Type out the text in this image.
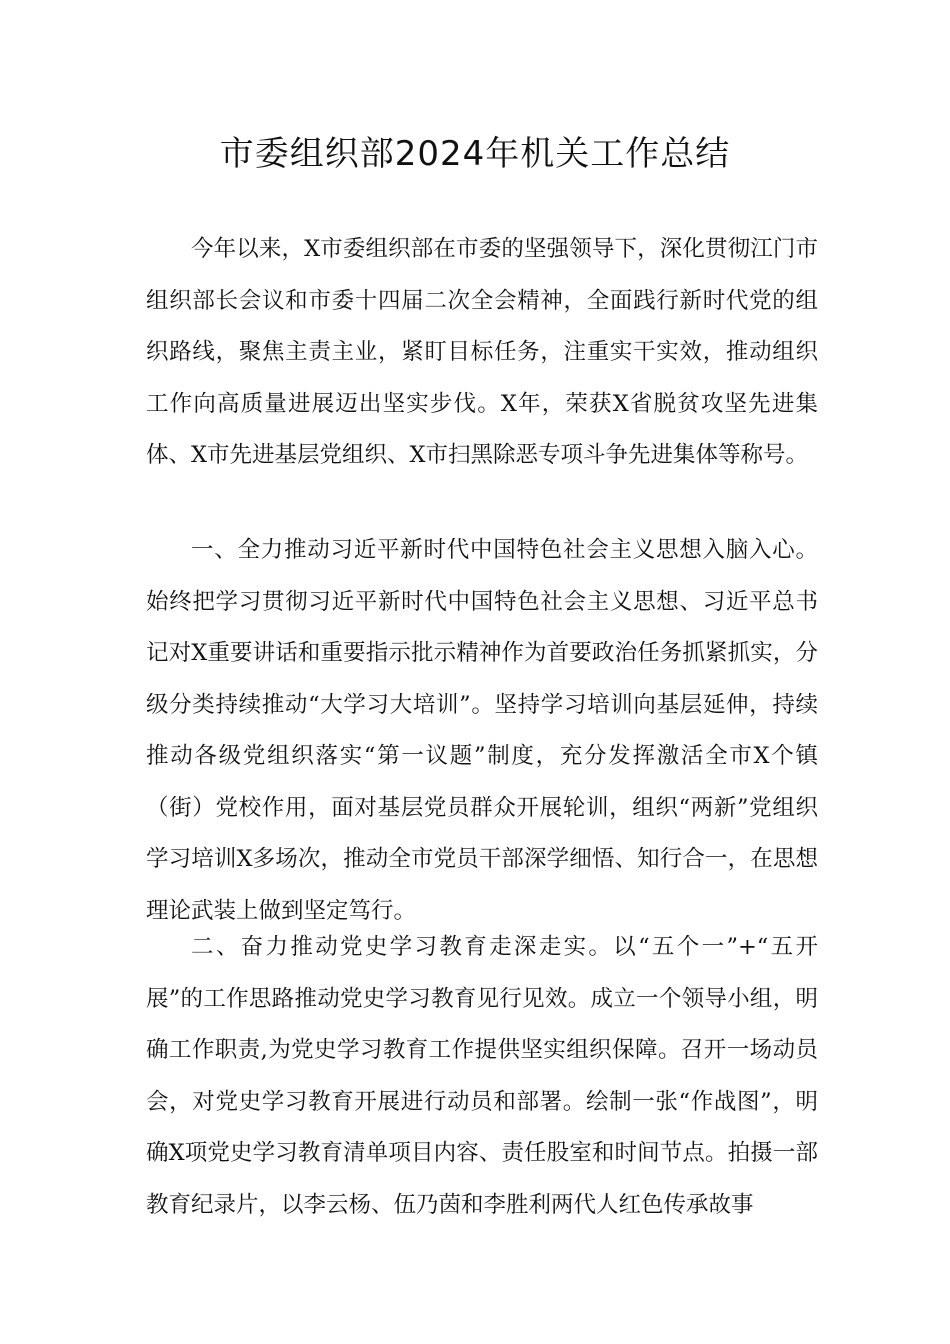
市委组织部2024年机关工作总结

今年以来，X市委组织部在市委的坚强领导下，深化贯彻江门市组织部长会议和市委十四届二次全会精神，全面践行新时代党的组织路线，聚焦主责主业，紧盯目标任务，注重实干实效，推动组织工作向高质量进展迈出坚实步伐。X年，荣获X省脱贫攻坚先进集体、X市先进基层党组织、X市扫黑除恶专项斗争先进集体等称号。

一、全力推动习近平新时代中国特色社会主义思想入脑入心。始终把学习贯彻习近平新时代中国特色社会主义思想、习近平总书记对X重要讲话和重要指示批示精神作为首要政治任务抓紧抓实，分级分类持续推动“大学习大培训”。坚持学习培训向基层延伸，持续推动各级党组织落实“第一议题”制度，充分发挥激活全市X个镇（街）党校作用，面对基层党员群众开展轮训，组织“两新”党组织学习培训X多场次，推动全市党员干部深学细悟、知行合一，在思想理论武装上做到坚定笃行。

二、奋力推动党史学习教育走深走实。以“五个一”+“五开展”的工作思路推动党史学习教育见行见效。成立一个领导小组，明确工作职责,为党史学习教育工作提供坚实组织保障。召开一场动员会，对党史学习教育开展进行动员和部署。绘制一张“作战图”，明确X项党史学习教育清单项目内容、责任股室和时间节点。拍摄一部教育纪录片，以李云杨、伍乃茵和李胜利两代人红色传承故事
